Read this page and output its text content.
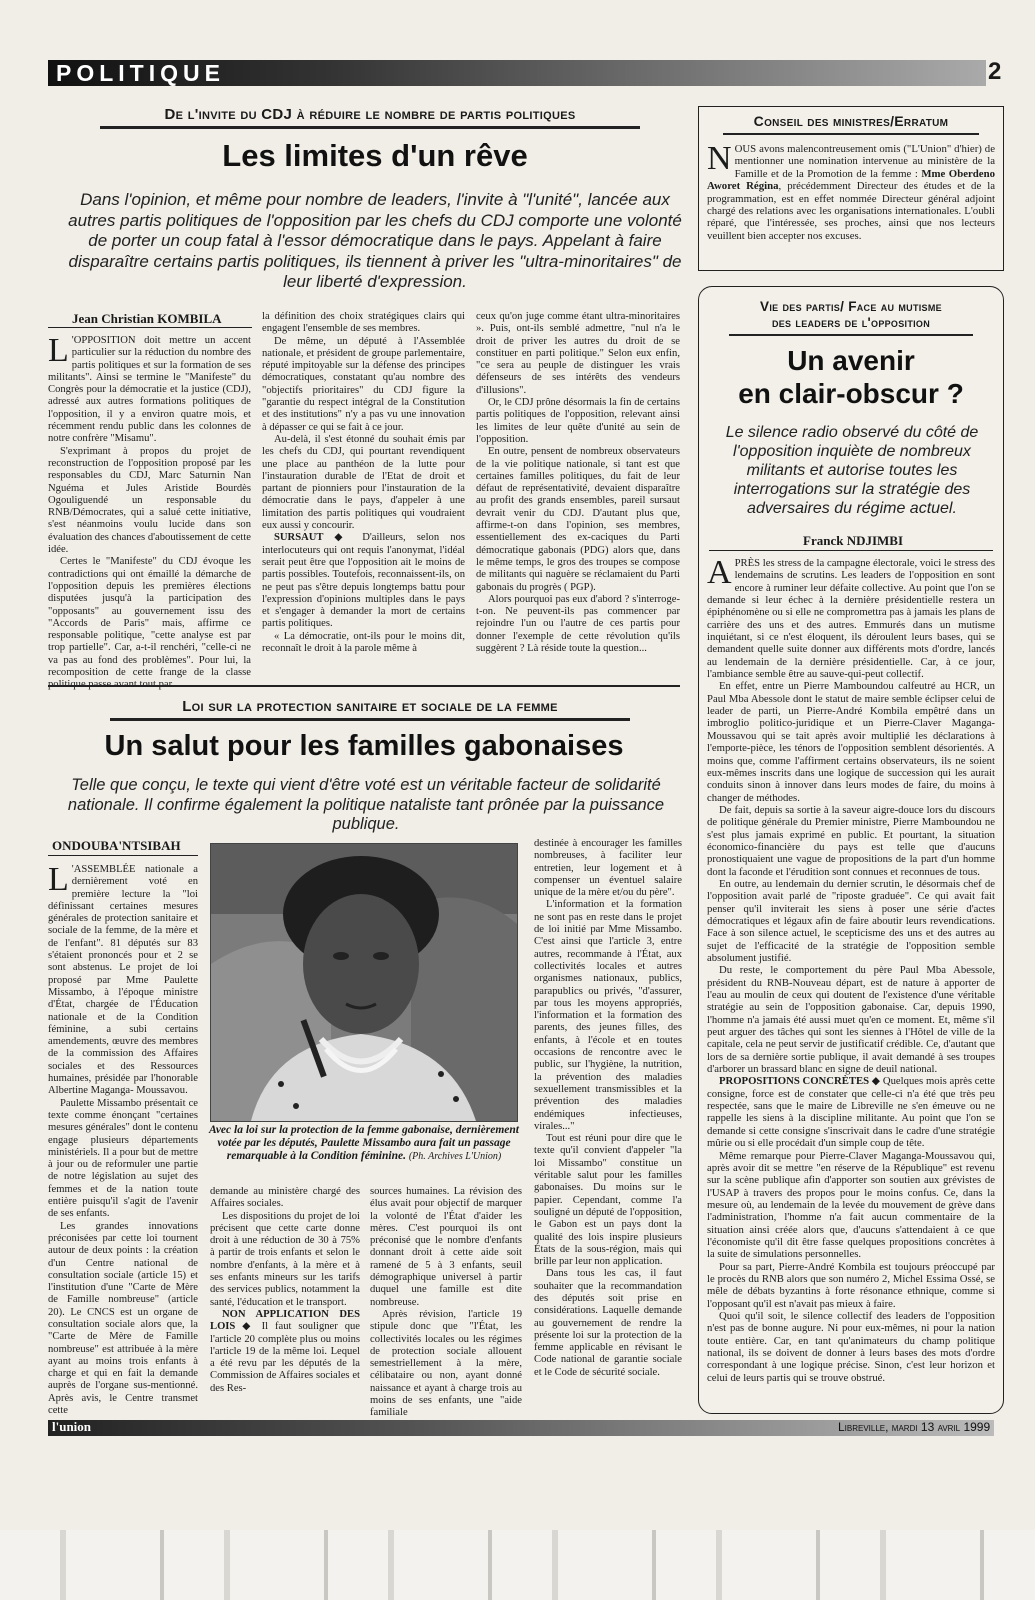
POLITIQUE	2
De l'invite du CDJ à réduire le nombre de partis politiques
Les limites d'un rêve
Dans l'opinion, et même pour nombre de leaders, l'invite à "l'unité", lancée aux autres partis politiques de l'opposition par les chefs du CDJ comporte une volonté de porter un coup fatal à l'essor démocratique dans le pays. Appelant à faire disparaître certains partis politiques, ils tiennent à priver les "ultra-minoritaires" de leur liberté d'expression.
Jean Christian KOMBILA

L 'OPPOSITION doit mettre un accent particulier sur la réduction du nombre des partis politiques et sur la formation de ses militants". Ainsi se termine le "Manifeste" du Congrès pour la démocratie et la justice (CDJ), adressé aux autres formations politiques de l'opposition, il y a environ quatre mois, et récemment rendu public dans les colonnes de notre confrère "Misamu".

S'exprimant à propos du projet de reconstruction de l'opposition proposé par les responsables du CDJ, Marc Saturnin Nan Nguéma et Jules Aristide Bourdès Ogouliguendé un responsable du RNB/Démocrates, qui a salué cette initiative, s'est néanmoins voulu lucide dans son évaluation des chances d'aboutissement de cette idée.

Certes le "Manifeste" du CDJ évoque les contradictions qui ont émaillé la démarche de l'opposition depuis les premières élections disputées jusqu'à la participation des "opposants" au gouvernement issu des "Accords de Paris" mais, affirme ce responsable politique, "cette analyse est par trop partielle". Car, a-t-il renchéri, "celle-ci ne va pas au fond des problèmes". Pour lui, la recomposition de cette frange de la classe

la définition des choix stratégiques clairs qui engagent l'ensemble de ses membres.

De même, un député à l'Assemblée nationale, et président de groupe parlementaire, réputé impitoyable sur la défense des principes démocratiques, constatant qu'au nombre des "objectifs prioritaires" du CDJ figure la "garantie du respect intégral de la Constitution et des institutions" n'y a pas vu une innovation à dépasser ce qui se fait à ce jour.

Au-delà, il s'est étonné du souhait émis par les chefs du CDJ, qui pourtant revendiquent une place au panthéon de la lutte pour l'instauration durable de l'Etat de droit et partant de pionniers pour l'instauration de la démocratie dans le pays, d'appeler à une limitation des partis politiques qui voudraient eux aussi y concourir.

SURSAUT ◆ D'ailleurs, selon nos interlocuteurs qui ont requis l'anonymat, l'idéal serait peut être que l'opposition ait le moins de partis possibles. Toutefois, reconnaissent-ils, on ne peut pas s'être depuis longtemps battu pour l'expression d'opinions multiples dans le pays et s'engager à demander la mort de certains partis politiques.

« La démocratie, ont-ils pour le moins dit, reconnaît le droit à la parole même à

ceux qu'on juge comme étant ultra-minoritaires ». Puis, ont-ils semblé admettre, "nul n'a le droit de priver les autres du droit de se constituer en parti politique." Selon eux enfin, "ce sera au peuple de distinguer les vrais défenseurs de ses intérêts des vendeurs d'illusions".

Or, le CDJ prône désormais la fin de certains partis politiques de l'opposition, relevant ainsi les limites de leur quête d'unité au sein de l'opposition.

En outre, pensent de nombreux observateurs de la vie politique nationale, si tant est que certaines familles politiques, du fait de leur défaut de représentativité, devaient disparaître au profit des grands ensembles, pareil sursaut devrait venir du CDJ. D'autant plus que, affirme-t-on dans l'opinion, ses membres, essentiellement des ex-caciques du Parti démocratique gabonais (PDG) alors que, dans le même temps, le gros des troupes se compose de militants qui naguère se réclamaient du Parti gabonais du progrès ( PGP).

Alors pourquoi pas eux d'abord ? s'interroge-t-on. Ne peuvent-ils pas commencer par rejoindre l'un ou l'autre de ces partis pour donner l'exemple de cette révolution qu'ils suggèrent ? Là réside toute la question...

Conseil des ministres/Erratum

NOUS avons malencontreusement omis ("L'Union" d'hier) de mentionner une nomination intervenue au ministère de la Famille et de la Promotion de la femme : Mme Oberdeno Aworet Régina, précédemment Directeur des études et de la programmation, est en effet nommée Directeur général adjoint chargé des relations avec les organisations internationales. L'oubli réparé, que l'intéressée, ses proches, ainsi que nos lecteurs veuillent bien accepter nos excuses.

Vie des partis/ Face au mutisme
des leaders de l'opposition
Un avenir
en clair-obscur ?
Le silence radio observé du côté de l'opposition inquiète de nombreux militants et autorise toutes les interrogations sur la stratégie des adversaires du régime actuel.
Franck NDJIMBI

APRÈS les stress de la campagne électorale, voici le stress des lendemains de scrutins. Les leaders de l'opposition en sont encore à ruminer leur défaite collective. Au point que l'on se demande si leur échec à la dernière présidentielle restera un épiphénomène ou si elle ne compromettra pas à jamais les plans de carrière des uns et des autres. Emmurés dans un mutisme inquiétant, si ce n'est éloquent, ils déroulent leurs bases, qui se demandent quelle suite donner aux différents mots d'ordre, lancés au lendemain de la dernière présidentielle. Car, à ce jour, l'ambiance semble être au sauve-qui-peut collectif.

En effet, entre un Pierre Mamboundou calfeutré au HCR, un Paul Mba Abessole dont le statut de maire semble éclipser celui de leader de parti, un Pierre-André Kombila empêtré dans un imbroglio politico-juridique et un Pierre-Claver Maganga-Moussavou qui se tait après avoir multiplié les déclarations à l'emporte-pièce, les ténors de l'opposition semblent désorientés. A moins que, comme l'affirment certains observateurs, ils ne soient eux-mêmes inscrits dans une logique de succession qui les aurait conduits sinon à innover dans leurs modes de faire, du moins à changer de méthodes.

De fait, depuis sa sortie à la saveur aigre-douce lors du discours de politique générale du Premier ministre, Pierre Mamboundou ne s'est plus jamais exprimé en public. Et pourtant, la situation économico-financière du pays est telle que d'aucuns pronostiquaient une vague de propositions de la part d'un homme dont la faconde et l'érudition sont connues et reconnues de tous.

En outre, au lendemain du dernier scrutin, le désormais chef de l'opposition avait parlé de "riposte graduée". Ce qui avait fait penser qu'il inviterait les siens à poser une série d'actes démocratiques et légaux afin de faire aboutir leurs revendications. Face à son silence actuel, le scepticisme des uns et des autres au sujet de l'efficacité de la stratégie de l'opposition semble absolument justifié.

Du reste, le comportement du père Paul Mba Abessole, président du RNB-Nouveau départ, est de nature à apporter de l'eau au moulin de ceux qui doutent de l'existence d'une véritable stratégie au sein de l'opposition gabonaise. Car, depuis 1990, l'homme n'a jamais été aussi muet qu'en ce moment. Et, même s'il peut arguer des tâches qui sont les siennes à l'Hôtel de ville de la capitale, cela ne peut servir de justificatif crédible. Ce, d'autant que lors de sa dernière sortie publique, il avait demandé à ses troupes d'arborer un brassard blanc en signe de deuil national.

PROPOSITIONS CONCRÈTES ◆ Quelques mois après cette consigne, force est de constater que celle-ci n'a été que très peu respectée, sans que le maire de Libreville ne s'en émeuve ou ne rappelle les siens à la discipline militante. Au point que l'on se demande si cette consigne s'inscrivait dans le cadre d'une stratégie mûrie ou si elle procédait d'un simple coup de tête.

Même remarque pour Pierre-Claver Maganga-Moussavou qui, après avoir dit se mettre "en réserve de la République" est revenu sur la scène publique afin d'apporter son soutien aux grévistes de l'USAP à travers des propos pour le moins confus. Ce, dans la mesure où, au lendemain de la levée du mouvement de grève dans l'administration, l'homme n'a fait aucun commentaire de la situation ainsi créée alors que, d'aucuns s'attendaient à ce que l'économiste qu'il dit être fasse quelques propositions concrètes à la suite de simulations personnelles.

Pour sa part, Pierre-André Kombila est toujours préoccupé par le procès du RNB alors que son numéro 2, Michel Essima Ossé, se mêle de débats byzantins à forte résonance ethnique, comme si l'opposant qu'il est n'avait pas mieux à faire.

Quoi qu'il soit, le silence collectif des leaders de l'opposition n'est pas de bonne augure. Ni pour eux-mêmes, ni pour la nation toute entière. Car, en tant qu'animateurs du champ politique national, ils se doivent de donner à leurs bases des mots d'ordre correspondant à une logique précise. Sinon, c'est leur horizon et celui de leurs partis qui se trouve obstrué.

Loi sur la protection sanitaire et sociale de la femme
Un salut pour les familles gabonaises
Telle que conçu, le texte qui vient d'être voté est un véritable facteur de solidarité nationale. Il confirme également la politique nataliste tant prônée par la puissance publique.
ONDOUBA'NTSIBAH

L 'ASSEMBLÉE nationale a dernièrement voté en première lecture la "loi définissant certaines mesures générales de protection sanitaire et sociale de la femme, de la mère et de l'enfant". 81 députés sur 83 s'étaient prononcés pour et 2 se sont abstenus. Le projet de loi proposé par Mme Paulette Missambo, à l'époque ministre d'État, chargée de l'Éducation nationale et de la Condition féminine, a subi certains amendements, œuvre des membres de la commission des Affaires sociales et des Ressources humaines, présidée par l'honorable Albertine Maganga- Moussavou.

Paulette Missambo présentait ce texte comme énonçant "certaines mesures générales" dont le contenu engage plusieurs départements ministériels. Il a pour but de mettre à jour ou de reformuler une partie de notre législation au sujet des femmes et de la nation toute entière puisqu'il s'agit de l'avenir de ses enfants.

Les grandes innovations préconisées par cette loi tournent autour de deux points : la création d'un Centre national de consultation sociale (article 15) et l'institution d'une "Carte de Mère de Famille nombreuse" (article 20). Le CNCS est un organe de consultation sociale alors que, la "Carte de Mère de Famille nombreuse" est attribuée à la mère ayant au moins trois enfants à charge et qui en fait la demande auprès de l'organe sus-mentionné. Après avis, le Centre transmet cette

Avec la loi sur la protection de la femme gabonaise, dernièrement votée par les députés, Paulette Missambo aura fait un passage remarquable à la Condition féminine. (Ph. Archives L'Union)

demande au ministère chargé des Affaires sociales.

Les dispositions du projet de loi précisent que cette carte donne droit à une réduction de 30 à 75% à partir de trois enfants et selon le nombre d'enfants, à la mère et à ses enfants mineurs sur les tarifs des services publics, notamment la santé, l'éducation et le transport.

NON APPLICATION DES LOIS ◆ Il faut souligner que l'article 20 complète plus ou moins l'article 19 de la même loi. Lequel a été revu par les députés de la Commission de Affaires sociales et des Res-

sources humaines. La révision des élus avait pour objectif de marquer la volonté de l'État d'aider les mères. C'est pourquoi ils ont préconisé que le nombre d'enfants donnant droit à cette aide soit ramené de 5 à 3 enfants, seuil démographique universel à partir duquel une famille est dite nombreuse.

Après révision, l'article 19 stipule donc que "l'État, les collectivités locales ou les régimes de protection sociale allouent semestriellement à la mère, célibataire ou non, ayant donné naissance et ayant à charge trois au moins de ses enfants, une "aide familiale

destinée à encourager les familles nombreuses, à faciliter leur entretien, leur logement et à compenser un éventuel salaire unique de la mère et/ou du père".

L'information et la formation ne sont pas en reste dans le projet de loi initié par Mme Missambo. C'est ainsi que l'article 3, entre autres, recommande à l'État, aux collectivités locales et autres organismes nationaux, publics, parapublics ou privés, "d'assurer, par tous les moyens appropriés, l'information et la formation des parents, des jeunes filles, des enfants, à l'école et en toutes occasions de rencontre avec le public, sur l'hygiène, la nutrition, la prévention des maladies sexuellement transmissibles et la prévention des maladies endémiques infectieuses, virales..."

Tout est réuni pour dire que le texte qu'il convient d'appeler "la loi Missambo" constitue un véritable salut pour les familles gabonaises. Du moins sur le papier. Cependant, comme l'a souligné un député de l'opposition, le Gabon est un pays dont la qualité des lois inspire plusieurs États de la sous-région, mais qui brille par leur non application.

Dans tous les cas, il faut souhaiter que la recommandation des députés soit prise en considérations. Laquelle demande au gouvernement de rendre la présente loi sur la protection de la femme applicable en révisant le Code national de garantie sociale et le Code de sécurité sociale.

l'union	Libreville, mardi 13 avril 1999
